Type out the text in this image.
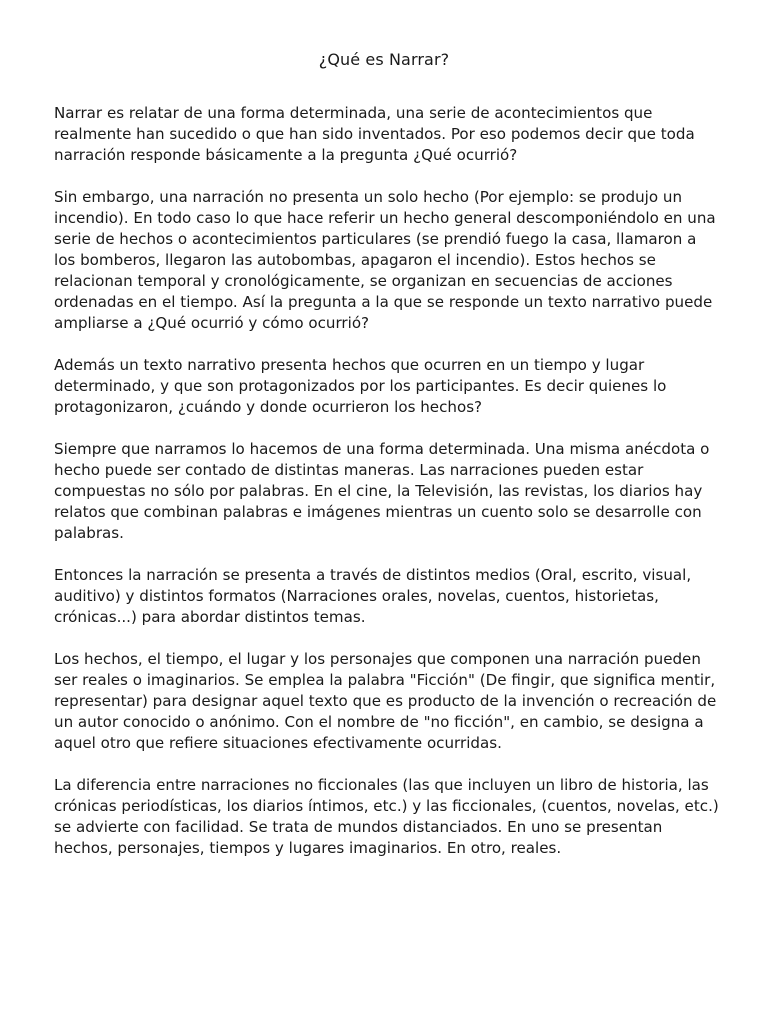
¿Qué es Narrar?

Narrar es relatar de una forma determinada, una serie de acontecimientos que realmente han sucedido o que han sido inventados. Por eso podemos decir que toda narración responde básicamente a la pregunta ¿Qué ocurrió?

Sin embargo, una narración no presenta un solo hecho (Por ejemplo: se produjo un incendio). En todo caso lo que hace referir un hecho general descomponiéndolo en una serie de hechos o acontecimientos particulares (se prendió fuego la casa, llamaron a los bomberos, llegaron las autobombas, apagaron el incendio). Estos hechos se relacionan temporal y cronológicamente, se organizan en secuencias de acciones ordenadas en el tiempo. Así la pregunta a la que se responde un texto narrativo puede ampliarse a ¿Qué ocurrió y cómo ocurrió?

Además un texto narrativo presenta hechos que ocurren en un tiempo y lugar determinado, y que son protagonizados por los participantes. Es decir quienes lo protagonizaron, ¿cuándo y donde ocurrieron los hechos?

Siempre que narramos lo hacemos de una forma determinada. Una misma anécdota o hecho puede ser contado de distintas maneras. Las narraciones pueden estar compuestas no sólo por palabras. En el cine, la Televisión, las revistas, los diarios hay relatos que combinan palabras e imágenes mientras un cuento solo se desarrolle con palabras.

Entonces la narración se presenta a través de distintos medios (Oral, escrito, visual, auditivo) y distintos formatos (Narraciones orales, novelas, cuentos, historietas, crónicas...) para abordar distintos temas.

Los hechos, el tiempo, el lugar y los personajes que componen una narración pueden ser reales o imaginarios. Se emplea la palabra "Ficción" (De fingir, que significa mentir, representar) para designar aquel texto que es producto de la invención o recreación de un autor conocido o anónimo. Con el nombre de "no ficción", en cambio, se designa a aquel otro que refiere situaciones efectivamente ocurridas.

La diferencia entre narraciones no ficcionales (las que incluyen un libro de historia, las crónicas periodísticas, los diarios íntimos, etc.) y las ficcionales, (cuentos, novelas, etc.) se advierte con facilidad. Se trata de mundos distanciados. En uno se presentan hechos, personajes, tiempos y lugares imaginarios. En otro, reales.
